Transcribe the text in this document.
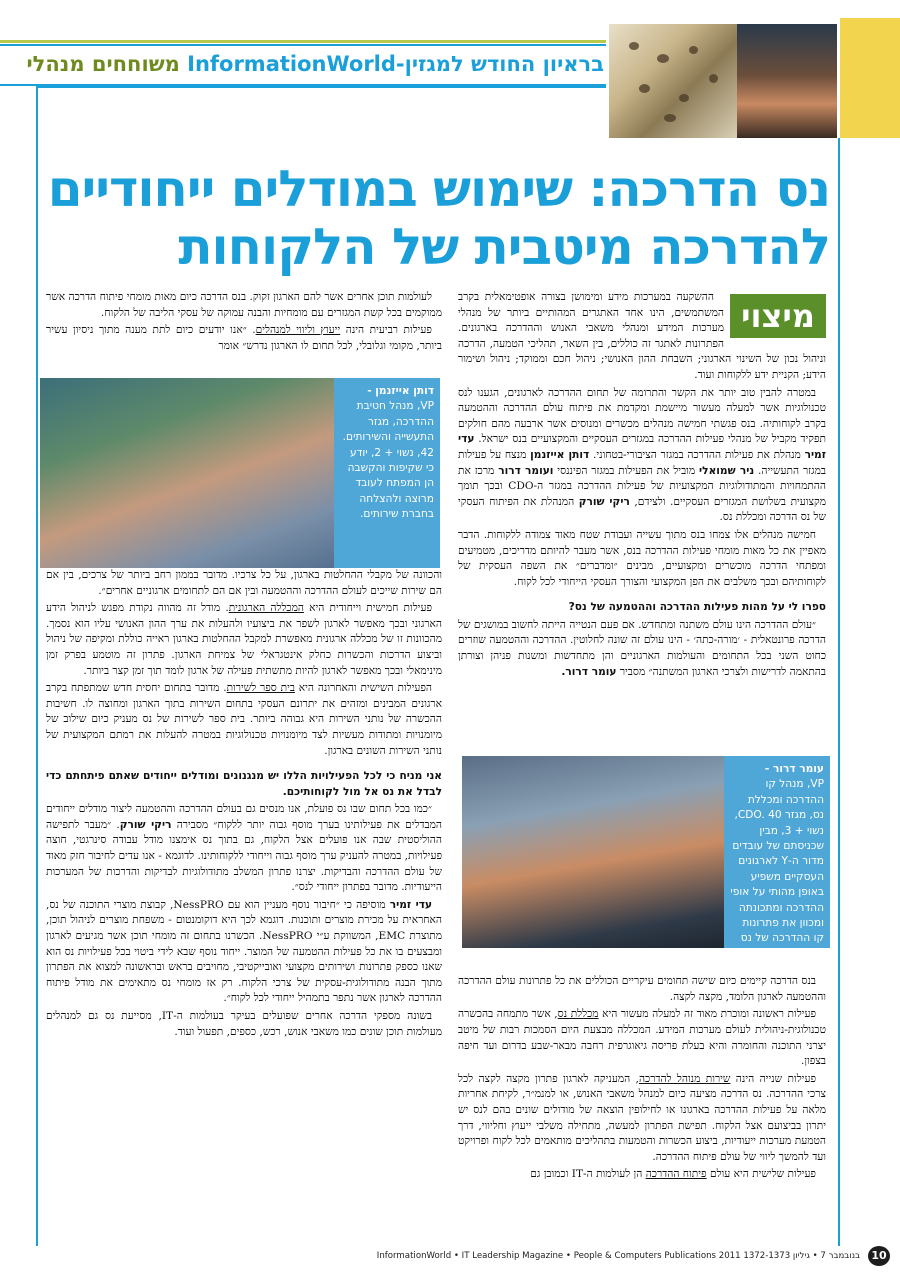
בראיון החודש למגזין-InformationWorld משוחחים מנהלי
נס הדרכה: שימוש במודלים ייחודיים
להדרכה מיטבית של הלקוחות

ההשקעה במערכות מידע ומימושן בצורה אופטימאלית בקרב המשתמשים, הינו אחד האתגרים המהותיים ביותר של מנהלי מערכות המידע ומנהלי משאבי האנוש וההדרכה בארגונים. הפתרונות לאתגר זה כוללים, בין השאר, תהליכי הטמעה, הדרכה וניהול נכון של השינוי הארגוני; השבחת ההון האנושי; ניהול חכם וממוקד; ניהול ושימור הידע; הקניית ידע ללקוחות ועוד.

במטרה להבין טוב יותר את הקשר והתרומה של תחום ההדרכה לארגונים, הגענו לנס טכנולוגיות אשר למעלה מעשור מיישמת ומקדמת את פיתוח עולם ההדרכה וההטמעה בקרב לקוחותיה. בנס פגשתי חמישה מנהלים מכשרים ומנוסים אשר ארבעה מהם חולקים תפקיד מקביל של מנהלי פעילות ההדרכה במגזרים העסקיים והמקצועיים בנס ישראל. עדי זמיר מנהלת את פעילות ההדרכה במגזר הציבורי-בטחוני. דותן אייזנמן מנצח על פעילות במגזר התעשייה. ניר שמואלי מוביל את הפעילות במגזר הפיננסי ועומר דרור מרכז את ההתמחויות והמתודולוגיות המקצועיות של פעילות ההדרכה במגזר ה-CDO ובכך תומך מקצועית בשלושת המגזרים העסקיים. ולצידם, ריקי שורק המנהלת את הפיתוח העסקי של נס הדרכה ומכללת נס.

חמישה מנהלים אלו צמחו בנס מתוך עשייה ועבודת שטח מאוד צמודה ללקוחות. הדבר מאפיין את כל מאות מומחי פעילות ההדרכה בנס, אשר מעבר להיותם מדריכים, מטמיעים ומפתחי הדרכה מוכשרים ומקצועיים, מבינים ״ומדברים״ את השפה העסקית של לקוחותיהם ובכך משלבים את הפן המקצועי והצורך העסקי הייחודי לכל לקוח.

ספרו לי על מהות פעילות ההדרכה וההטמעה של נס?

״עולם ההדרכה הינו עולם משתנה ומתחדש. אם פעם הנטייה הייתה לחשוב במושגים של הדרכה פרונטאלית - ׳מורה-כתה׳ - הינו עולם זה שונה לחלוטין. ההדרכה וההטמעה שוזרים כחוט השני בכל התחומים והעולמות הארגוניים והן מתחדשות ומשנות פניהן וצורתן בהתאמה לדרישות ולצרכי הארגון המשתנה״ מסביר עומר דרור.

בנס הדרכה קיימים כיום שישה תחומים עיקריים הכוללים את כל פתרונות עולם ההדרכה וההטמעה לארגון הלומד, מקצה לקצה.

פעילות ראשונה ומוכרת מאוד זה למעלה מעשור היא מכללת נס, אשר מתמחה בהכשרה טכנולוגית-ניהולית לעולם מערכות המידע. המכללה מבצעת היום הסמכות רבות של מיטב יצרני התוכנה והחומרה והיא בעלת פריסה גיאוגרפית רחבה מבאר-שבע בדרום ועד חיפה בצפון.

פעילות שנייה הינה שירות מנוהל להדרכה, המעניקה לארגון פתרון מקצה לקצה לכל צרכי ההדרכה. נס הדרכה מציעה כיום למנהל משאבי האנוש, או למנמ״ר, לקיחת אחריות מלאה על פעילות ההדרכה בארגונו או לחילופין הוצאה של מודולים שונים בהם לנס יש יתרון בביצועם אצל הלקוח. תפישת הפתרון למעשה, מתחילה משלבי ייעוץ וחליווי, דרך הטמעת מערכות ייעודיות, ביצוע הכשרות והטמעות בתהליכים מותאמים לכל לקוח ופרויקט ועד להמשך ליווי של עולם פיתוח ההדרכה.

פעילות שלישית היא עולם פיתוח ההדרכה הן לעולמות ה-IT וכמובן גם

מיצוי

לעולמות תוכן אחרים אשר להם הארגון זקוק. בנס הדרכה כיום מאות מומחי פיתוח הדרכה אשר ממוקמים בכל קשת המגזרים עם מומחיות והבנה עמוקה של עסקי הליבה של הלקוח.

פעילות רביעית הינה ייעוץ וליווי למנהלים. ״אנו יודעים כיום לתת מענה מתוך ניסיון עשיר ביותר, מקומי וגלובלי, לכל תחום לו הארגון נדרש״ אומר

והכוונה של מקבלי ההחלטות בארגון, על כל צרכיו. מדובר בממון רחב ביותר של צרכים, בין אם הם שירות שייכים לעולם ההדרכה וההטמעה ובין אם הם לתחומים ארגוניים אחרים״.

פעילות חמישית וייחודית היא המכללה הארגונית. מודל זה מהווה נקודת מפגש לניהול הידע הארגוני ובכך מאפשר לארגון לשפר את ביצועיו ולהעלות את ערך ההון האנושי עליו הוא נסמך. מהכוונות זו של מכללה ארגונית מאפשרת למקבל ההחלטות בארגון ראייה כוללת ומקיפה של ניהול וביצוע הדרכות והכשרות כחלק אינטגראלי של צמיחת הארגון. פתרון זה מוטמע בפרק זמן מינימאלי ובכך מאפשר לארגון להיות מתשתית פעילה של ארגון לומד תוך זמן קצר ביותר.

הפעילות השישית והאחרונה היא בית ספר לשירות. מדובר בתחום יחסית חדש שמתפתח בקרב ארגונים המבינים ומזהים את יתרונם העסקי בתחום השירות בתוך הארגון ומחוצה לו. חשיבות ההכשרה של נותני השירות היא גבוהה ביותר. בית ספר לשירות של נס מעניק כיום שילוב של מיומנויות ומתודות מעשיות לצד מיומנויות טכנולוגיות במטרה להעלות את רמתם המקצועית של נותני השירות השונים בארגון.

אני מניח כי לכל הפעילויות הללו יש מנגנונים ומודלים ייחודים שאתם פיתחתם כדי לבדל את נס אל מול לקוחותיכם.

״כמו בכל תחום שבו נס פועלת, אנו מנסים גם בעולם ההדרכה וההטמעה ליצור מודלים ייחודים המבדלים את פעילותינו בערך מוסף גבוה יותר ללקוח״ מסבירה ריקי שורק. ״מעבר לתפישה ההוליסטית שבה אנו פועלים אצל הלקוח, גם בתוך נס אימצנו מודל עבודה סינרגטי, חוצה פעילויות, במטרה להעניק ערך מוסף גבוה וייחודי ללקוחותינו. לדוגמא - אנו עדים לחיבור חזק מאוד של עולם ההדרכה והבדיקות. יצרנו פתרון המשלב מתודולוגיות לבדיקות והדרכות של המערכות הייעודיות. מדובר בפתרון ייחודי לנס״.

עדי זמיר מוסיפה כי ״חיבור נוסף מעניין הוא עם NessPRO, קבוצת מוצרי התוכנה של נס, האחראית על מכירת מוצרים ותוכנות. דוגמא לכך היא דוקומנטום - משפחת מוצרים לניהול תוכן, מתוצרת EMC, המשווקת ע״י NessPRO. הכשרנו בתחום זה מומחי תוכן אשר מגיעים לארגון ומבצעים בו את כל פעילות ההטמעה של המוצר. ייחוד נוסף שבא לידי ביטוי בכל פעילויות נס הוא שאנו כספק פתרונות ושירותים מקצועי ואובייקטיבי, מחויבים בראש ובראשונה למצוא את הפתרון מתוך הבנה מתודולוגית-עסקית של צרכי הלקוח. רק אז מומחי נס מתאימים את מודל פיתוח ההדרכה לארגון אשר נתפר בתמהיל ייחודי לכל לקוח״.

בשונה מספקי הדרכה אחרים שפועלים בעיקר בעולמות ה-IT, מסייעת נס גם למנהלים מעולמות תוכן שונים כמו משאבי אנוש, רכש, כספים, תפעול ועוד.

דותן אייזנמן -
VP, מנהל חטיבת ההדרכה, מגזר התעשייה והשירותים. 42, נשוי + 2, יודע כי שקיפות והקשבה הן המפתח לעובד מרוצה ולהצלחה בחברת שירותים.
עומר דרור -
VP, מנהל קו ההדרכה ומכללת נס, מגזר CDO. 40, נשוי + 3, מבין שכניסתם של עובדים מדור ה-Y לארגונים העסקיים משפיע באופן מהותי על אופי ההדרכה ומתכונתה ומכוון את פתרונות קו ההדרכה של נס לכיוון זה.
InformationWorld • IT Leadership Magazine • People & Computers Publications 2011 בנובמבר 7 • גיליון 1372-1373	10
